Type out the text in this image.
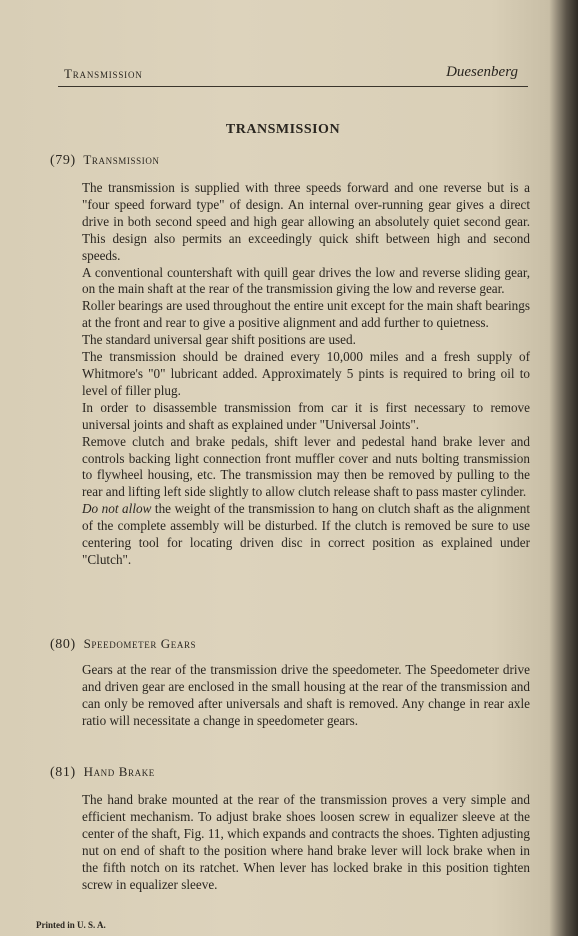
Transmission	Duesenberg
TRANSMISSION
(79) Transmission

The transmission is supplied with three speeds forward and one reverse but is a "four speed forward type" of design. An internal over-running gear gives a direct drive in both second speed and high gear allowing an absolutely quiet second gear. This design also permits an exceedingly quick shift between high and second speeds.

A conventional countershaft with quill gear drives the low and reverse sliding gear, on the main shaft at the rear of the transmission giving the low and reverse gear.

Roller bearings are used throughout the entire unit except for the main shaft bearings at the front and rear to give a positive alignment and add further to quietness.

The standard universal gear shift positions are used.

The transmission should be drained every 10,000 miles and a fresh supply of Whitmore's "0" lubricant added. Approximately 5 pints is required to bring oil to level of filler plug.

In order to disassemble transmission from car it is first necessary to remove universal joints and shaft as explained under "Universal Joints".

Remove clutch and brake pedals, shift lever and pedestal hand brake lever and controls backing light connection front muffler cover and nuts bolting transmission to flywheel housing, etc. The transmission may then be removed by pulling to the rear and lifting left side slightly to allow clutch release shaft to pass master cylinder.

Do not allow the weight of the transmission to hang on clutch shaft as the alignment of the complete assembly will be disturbed. If the clutch is removed be sure to use centering tool for locating driven disc in correct position as explained under "Clutch".

(80) Speedometer Gears

Gears at the rear of the transmission drive the speedometer. The Speedometer drive and driven gear are enclosed in the small housing at the rear of the transmission and can only be removed after universals and shaft is removed. Any change in rear axle ratio will necessitate a change in speedometer gears.

(81) Hand Brake

The hand brake mounted at the rear of the transmission proves a very simple and efficient mechanism. To adjust brake shoes loosen screw in equalizer sleeve at the center of the shaft, Fig. 11, which expands and contracts the shoes. Tighten adjusting nut on end of shaft to the position where hand brake lever will lock brake when in the fifth notch on its ratchet. When lever has locked brake in this position tighten screw in equalizer sleeve.

Printed in U. S. A.
